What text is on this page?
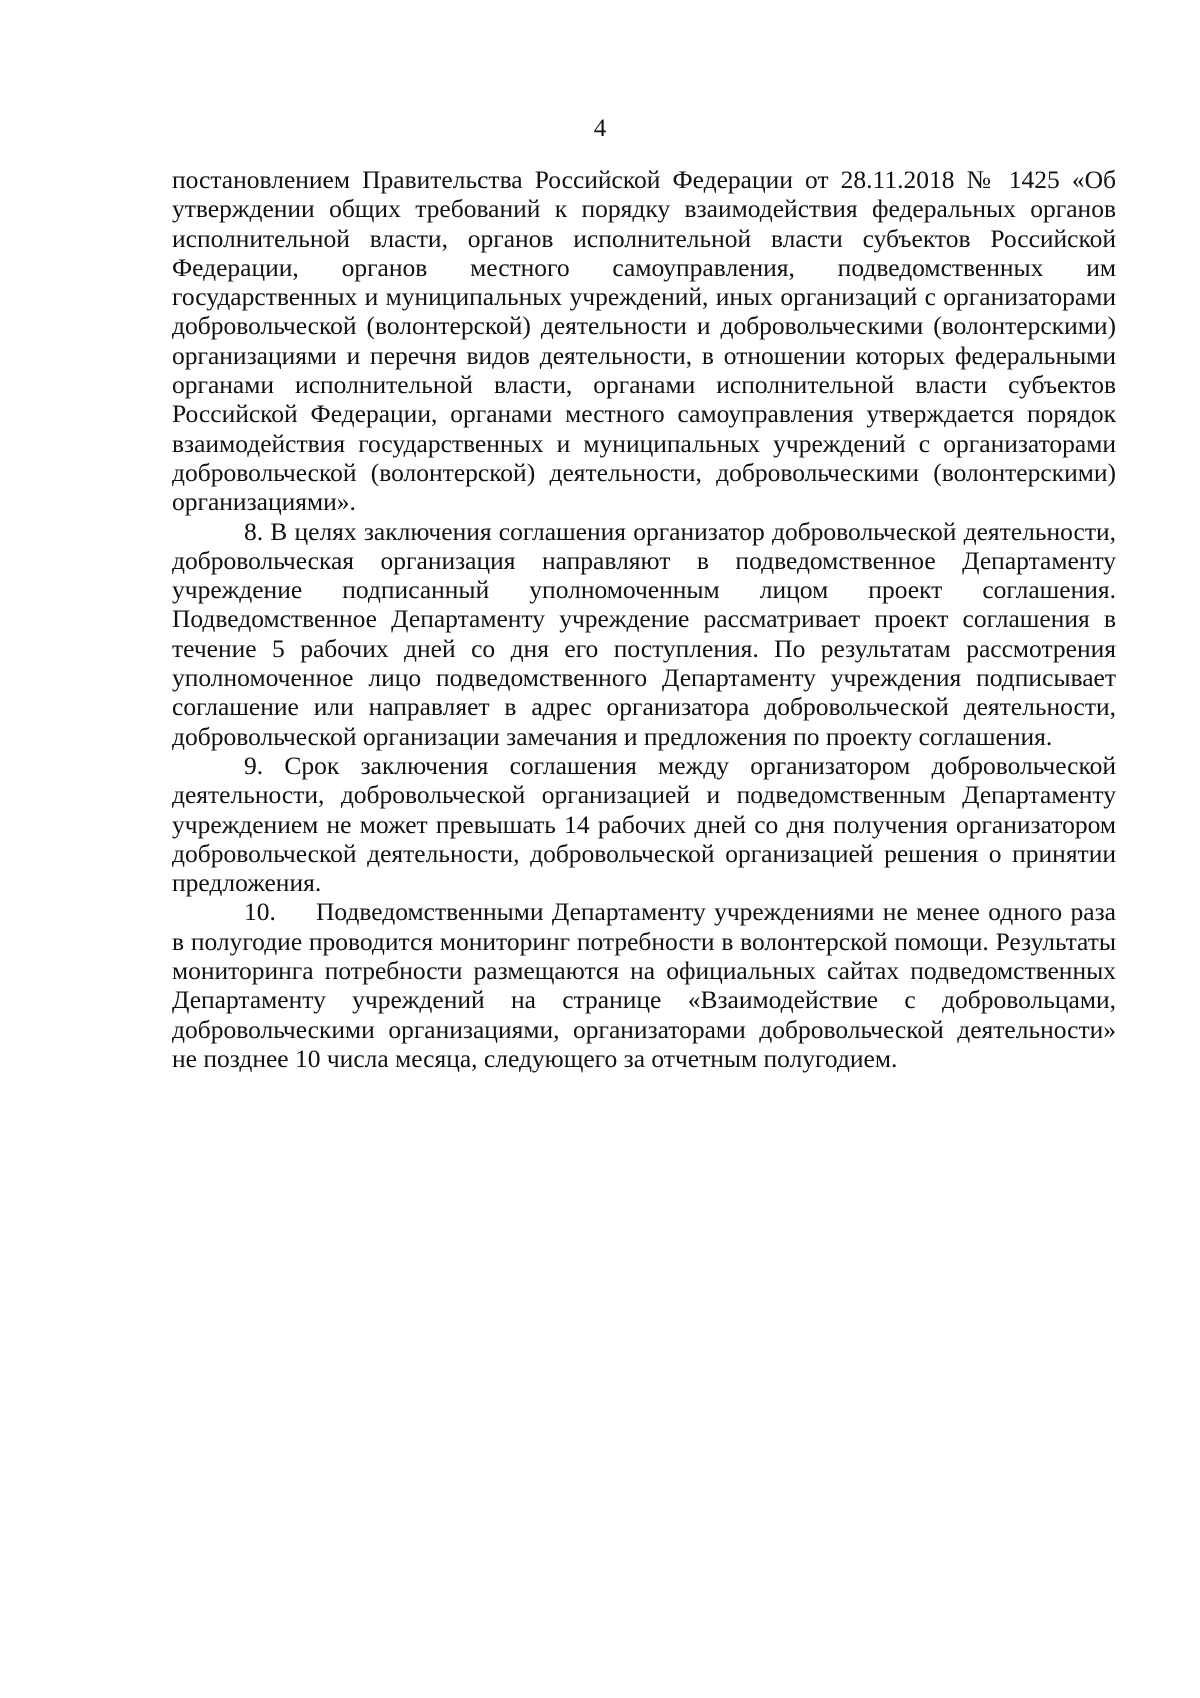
4

постановлением Правительства Российской Федерации от 28.11.2018 № 1425 «Об утверждении общих требований к порядку взаимодействия федеральных органов исполнительной власти, органов исполнительной власти субъектов Российской Федерации, органов местного самоуправления, подведомственных им государственных и муниципальных учреждений, иных организаций с организаторами добровольческой (волонтерской) деятельности и добровольческими (волонтерскими) организациями и перечня видов деятельности, в отношении которых федеральными органами исполнительной власти, органами исполнительной власти субъектов Российской Федерации, органами местного самоуправления утверждается порядок взаимодействия государственных и муниципальных учреждений с организаторами добровольческой (волонтерской) деятельности, добровольческими (волонтерскими) организациями».

8. В целях заключения соглашения организатор добровольческой деятельности, добровольческая организация направляют в подведомственное Департаменту учреждение подписанный уполномоченным лицом проект соглашения. Подведомственное Департаменту учреждение рассматривает проект соглашения в течение 5 рабочих дней со дня его поступления. По результатам рассмотрения уполномоченное лицо подведомственного Департаменту учреждения подписывает соглашение или направляет в адрес организатора добровольческой деятельности, добровольческой организации замечания и предложения по проекту соглашения.

9. Срок заключения соглашения между организатором добровольческой деятельности, добровольческой организацией и подведомственным Департаменту учреждением не может превышать 14 рабочих дней со дня получения организатором добровольческой деятельности, добровольческой организацией решения о принятии предложения.

10. Подведомственными Департаменту учреждениями не менее одного раза в полугодие проводится мониторинг потребности в волонтерской помощи. Результаты мониторинга потребности размещаются на официальных сайтах подведомственных Департаменту учреждений на странице «Взаимодействие с добровольцами, добровольческими организациями, организаторами добровольческой деятельности» не позднее 10 числа месяца, следующего за отчетным полугодием.
